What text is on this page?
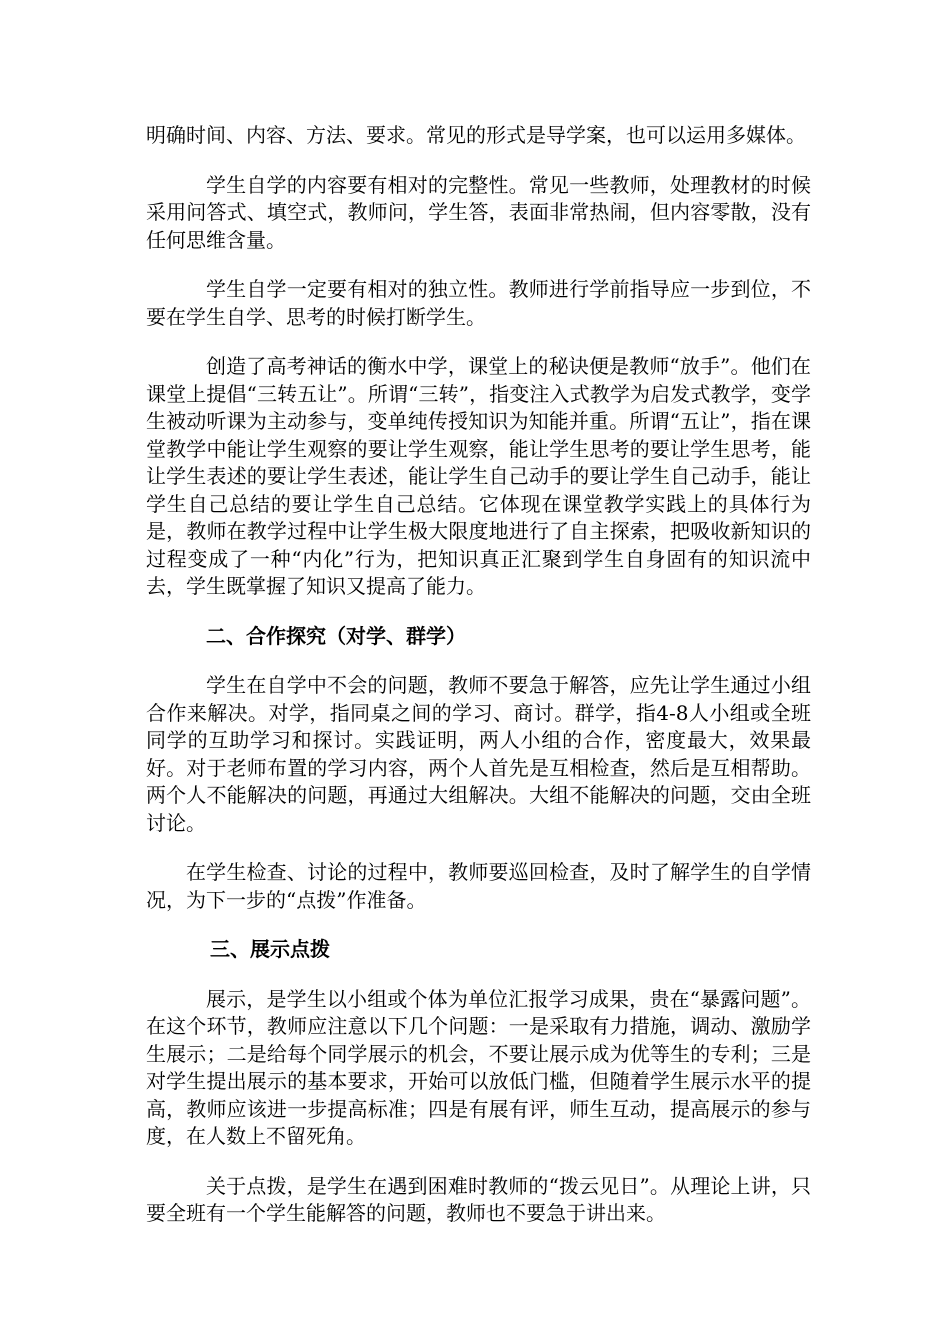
明确时间、内容、方法、要求。常见的形式是导学案，也可以运用多媒体。

学生自学的内容要有相对的完整性。常见一些教师，处理教材的时候采用问答式、填空式，教师问，学生答，表面非常热闹，但内容零散，没有任何思维含量。

学生自学一定要有相对的独立性。教师进行学前指导应一步到位，不要在学生自学、思考的时候打断学生。

创造了高考神话的衡水中学，课堂上的秘诀便是教师“放手”。他们在课堂上提倡“三转五让”。所谓“三转”，指变注入式教学为启发式教学，变学生被动听课为主动参与，变单纯传授知识为知能并重。所谓“五让”，指在课堂教学中能让学生观察的要让学生观察，能让学生思考的要让学生思考，能让学生表述的要让学生表述，能让学生自己动手的要让学生自己动手，能让学生自己总结的要让学生自己总结。它体现在课堂教学实践上的具体行为是，教师在教学过程中让学生极大限度地进行了自主探索，把吸收新知识的过程变成了一种“内化”行为，把知识真正汇聚到学生自身固有的知识流中去，学生既掌握了知识又提高了能力。

二、合作探究（对学、群学）

学生在自学中不会的问题，教师不要急于解答，应先让学生通过小组合作来解决。对学，指同桌之间的学习、商讨。群学，指4-8人小组或全班同学的互助学习和探讨。实践证明，两人小组的合作，密度最大，效果最好。对于老师布置的学习内容，两个人首先是互相检查，然后是互相帮助。两个人不能解决的问题，再通过大组解决。大组不能解决的问题，交由全班讨论。

在学生检查、讨论的过程中，教师要巡回检查，及时了解学生的自学情况，为下一步的“点拨”作准备。

三、展示点拨

展示，是学生以小组或个体为单位汇报学习成果，贵在“暴露问题”。在这个环节，教师应注意以下几个问题：一是采取有力措施，调动、激励学生展示；二是给每个同学展示的机会，不要让展示成为优等生的专利；三是对学生提出展示的基本要求，开始可以放低门槛，但随着学生展示水平的提高，教师应该进一步提高标准；四是有展有评，师生互动，提高展示的参与度，在人数上不留死角。

关于点拨，是学生在遇到困难时教师的“拨云见日”。从理论上讲，只要全班有一个学生能解答的问题，教师也不要急于讲出来。
